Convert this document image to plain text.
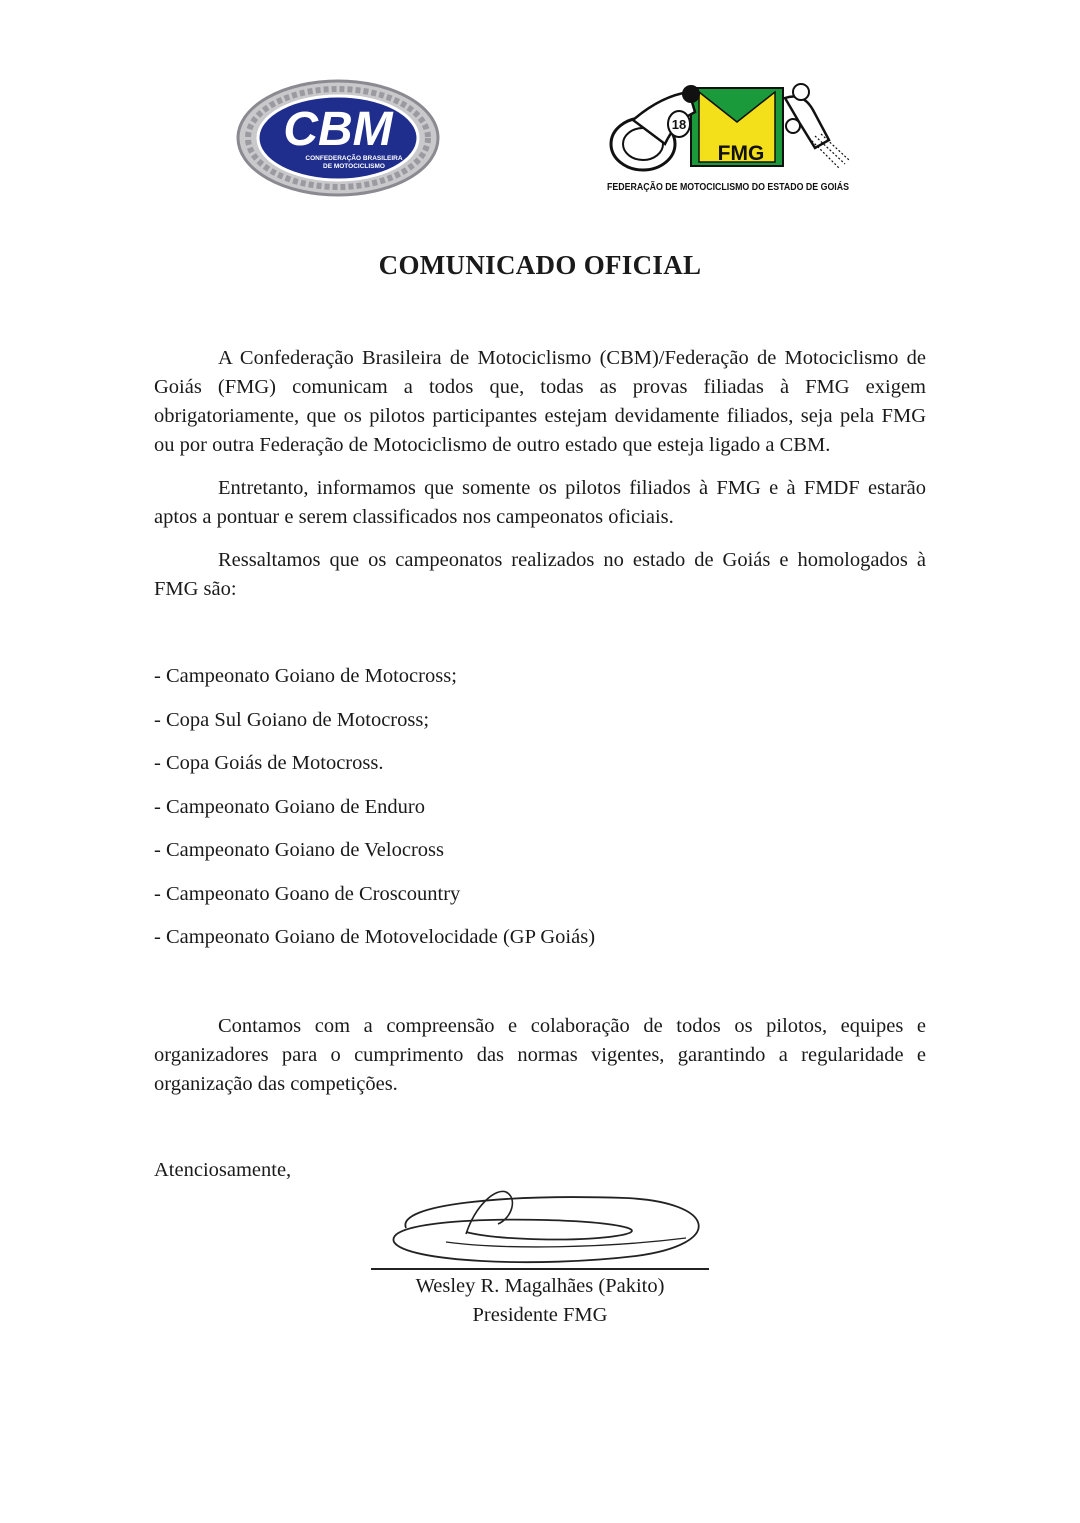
CBM
CONFEDERAÇÃO BRASILEIRA
DE MOTOCICLISMO
FMG
18
FEDERAÇÃO DE MOTOCICLISMO DO ESTADO DE GOIÁS
COMUNICADO OFICIAL

A Confederação Brasileira de Motociclismo (CBM)/Federação de Motociclismo de Goiás (FMG) comunicam a todos que, todas as provas filiadas à FMG exigem obrigatoriamente, que os pilotos participantes estejam devidamente filiados, seja pela FMG ou por outra Federação de Motociclismo de outro estado que esteja ligado a CBM.

Entretanto, informamos que somente os pilotos filiados à FMG e à FMDF estarão aptos a pontuar e serem classificados nos campeonatos oficiais.

Ressaltamos que os campeonatos realizados no estado de Goiás e homologados à FMG são:

- Campeonato Goiano de Motocross;
- Copa Sul Goiano de Motocross;
- Copa Goiás de Motocross.
- Campeonato Goiano de Enduro
- Campeonato Goiano de Velocross
- Campeonato Goano de Croscountry
- Campeonato Goiano de Motovelocidade (GP Goiás)

Contamos com a compreensão e colaboração de todos os pilotos, equipes e organizadores para o cumprimento das normas vigentes, garantindo a regularidade e organização das competições.

Atenciosamente,
Wesley R. Magalhães (Pakito)
Presidente FMG
